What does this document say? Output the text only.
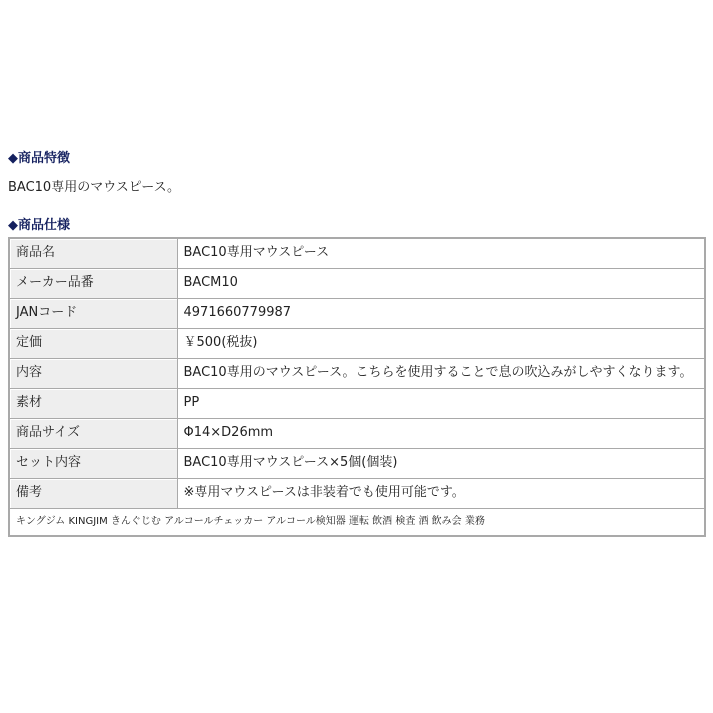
◆商品特徴
BAC10専用のマウスピース。
◆商品仕様
商品名	BAC10専用マウスピース
メーカー品番	BACM10
JANコード	4971660779987
定価	￥500(税抜)
内容	BAC10専用のマウスピース。こちらを使用することで息の吹込みがしやすくなります。
素材	PP
商品サイズ	Φ14×D26mm
セット内容	BAC10専用マウスピース×5個(個装)
備考	※専用マウスピースは非装着でも使用可能です。
キングジム KINGJIM きんぐじむ アルコールチェッカー アルコール検知器 運転 飲酒 検査 酒 飲み会 業務	
